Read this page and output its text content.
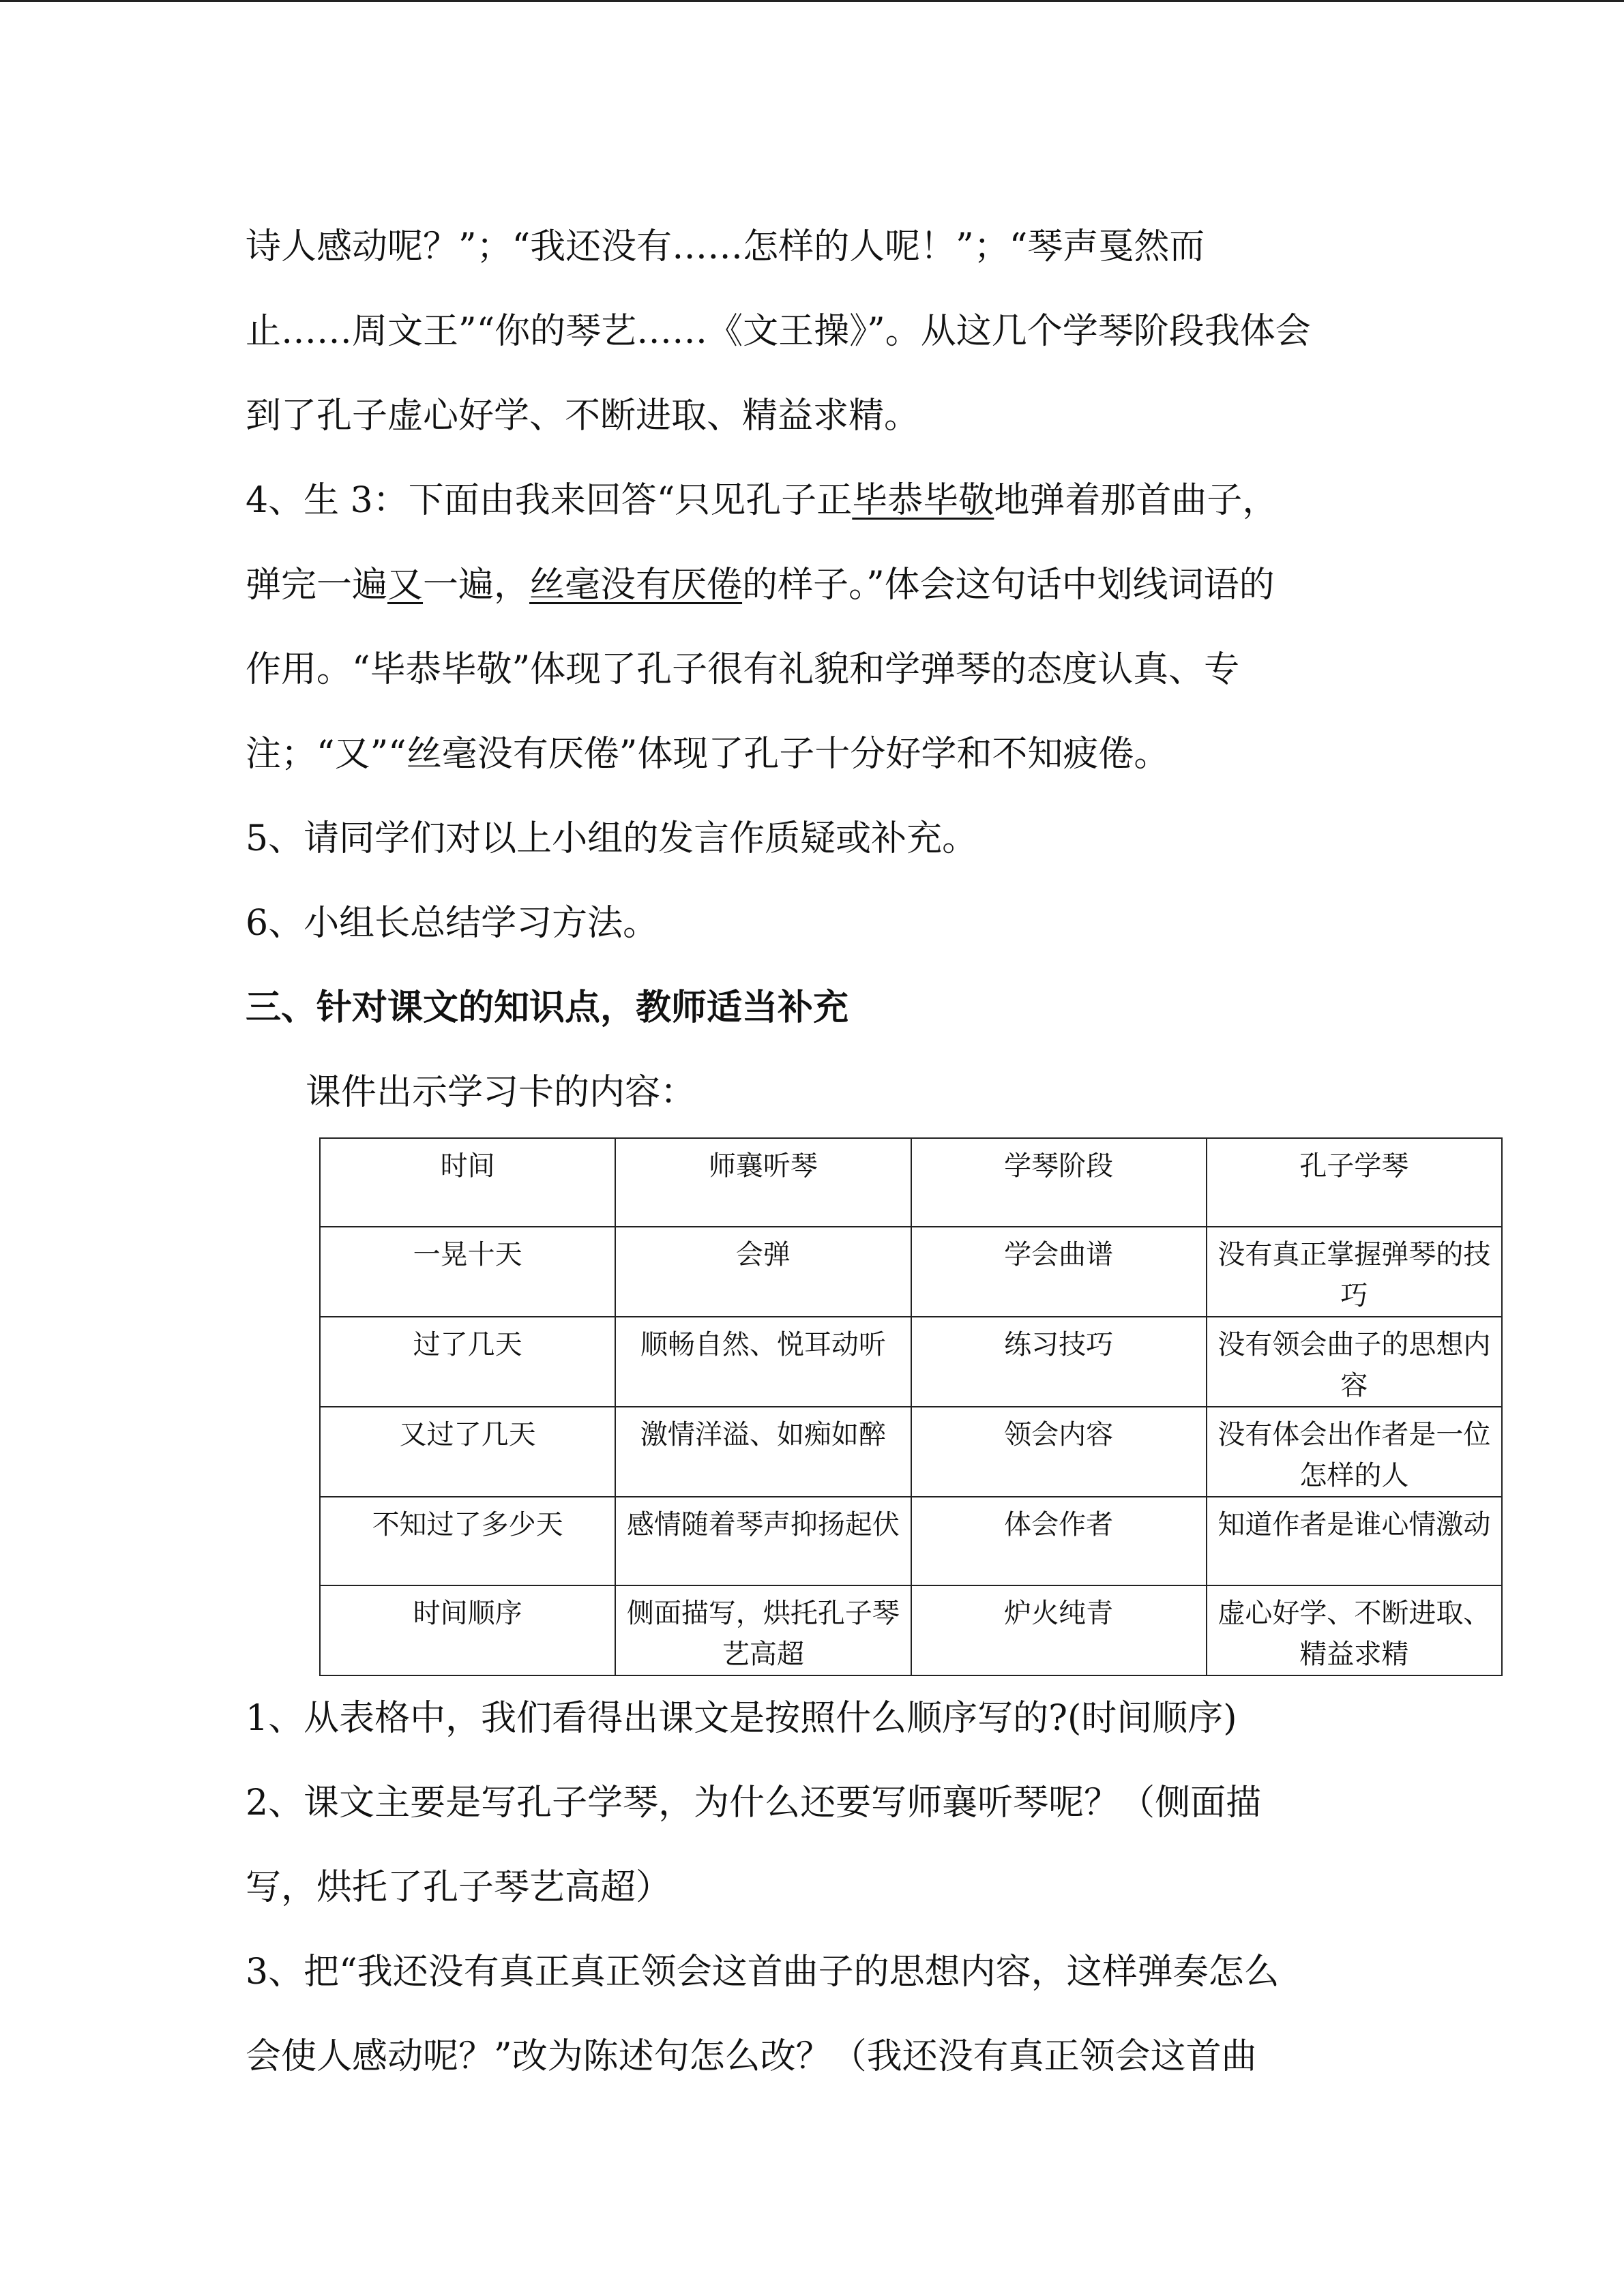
诗人感动呢？”；“我还没有……怎样的人呢！”；“琴声戛然而

止……周文王”“你的琴艺……《文王操》”。从这几个学琴阶段我体会

到了孔子虚心好学、不断进取、精益求精。

4、生 3：下面由我来回答“只见孔子正毕恭毕敬地弹着那首曲子，

弹完一遍又一遍，丝毫没有厌倦的样子。”体会这句话中划线词语的

作用。“毕恭毕敬”体现了孔子很有礼貌和学弹琴的态度认真、专

注；“又”“丝毫没有厌倦”体现了孔子十分好学和不知疲倦。

5、请同学们对以上小组的发言作质疑或补充。

6、小组长总结学习方法。

三、针对课文的知识点，教师适当补充

课件出示学习卡的内容：

时间	师襄听琴	学琴阶段	孔子学琴
一晃十天	会弹	学会曲谱	没有真正掌握弹琴的技巧
过了几天	顺畅自然、悦耳动听	练习技巧	没有领会曲子的思想内容
又过了几天	激情洋溢、如痴如醉	领会内容	没有体会出作者是一位怎样的人
不知过了多少天	感情随着琴声抑扬起伏	体会作者	知道作者是谁心情激动
时间顺序	侧面描写，烘托孔子琴艺高超	炉火纯青	虚心好学、不断进取、精益求精

1、从表格中，我们看得出课文是按照什么顺序写的?(时间顺序)

2、课文主要是写孔子学琴，为什么还要写师襄听琴呢？（侧面描

写，烘托了孔子琴艺高超）

3、把“我还没有真正真正领会这首曲子的思想内容，这样弹奏怎么

会使人感动呢？”改为陈述句怎么改？（我还没有真正领会这首曲
